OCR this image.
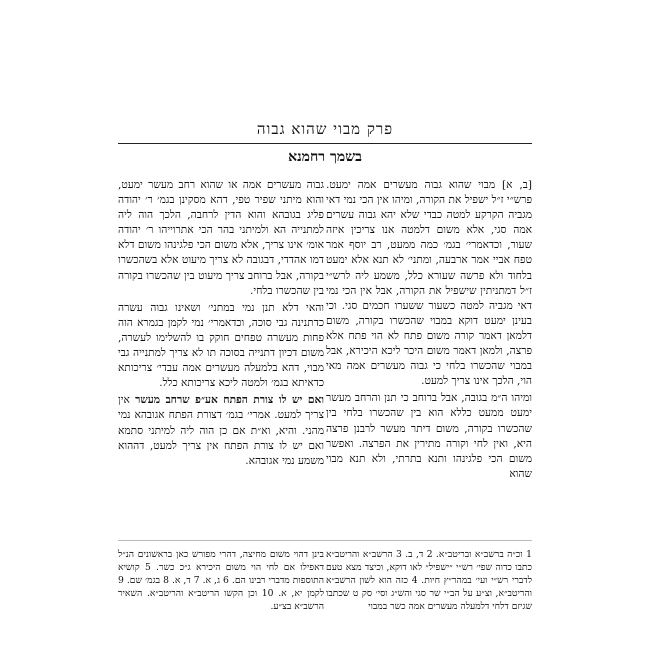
פרק מבוי שהוא גבוה
בשמך רחמנא

[ב, א] מבוי שהוא גבוה מעשרים אמה ימעט. פרש״י ז״ל ישפיל את הקורה, ומיהו אין הכי נמי דאי מגביה הקרקע למטה כבדי שלא יהא גבוה עשרים אמה סגי, אלא משום דלמטה אנו צריכין איזה שעור, וכדאמרי׳ בגמ׳ כמה ממעט, רב יוסף אמר טפח אביי אמר ארבעה, ומתני׳ לא תנא אלא ימעט בלחוד ולא פרשה שעורא כלל, משמע ליה לרש״י ז״ל דמתניתין שישפיל את הקורה, אבל אין הכי נמי דאי מגביה למטה כשעור ששערו חכמים סגי. וכי בעינן ימעט דוקא במבוי שהכשרו בקורה, משום דלמאן דאמר קורה משום פתח לא הוי פתח אלא פרצה, ולמאן דאמר משום היכר ליכא היכירא, אבל במבוי שהכשרו בלחי כי גבוה מעשרים אמה מאי הוי, הלכך אינו צריך למעט.

ומיהו ה״מ בגובה, אבל ברוחב כי תנן והרחב מעשר ימעט ממעט כללא הוא בין שהכשרו בלחי בין שהכשרו בקורה, משום דיתר מעשר לרבנן פרצה היא, ואין לחי וקורה מתירין את הפרצה. ואפשר משום הכי פלגינהו ותנא בתרתי, ולא תנא מבוי שהוא

גבוה מעשרים אמה או שהוא רחב מעשר ימעט, והוא מיתני שפיר טפי, דהא מסקינן בגמ׳ ר׳ יהודה פליג בגובהא והוא הדין לרחבה, הלכך הוה ליה למתנייה הא ולמיתני בהר הכי אתרוייהו ר׳ יהודה אומ׳ אינו צריך, אלא משום הכי פלגינהו משום דלא דמו אהדדי, דבגובה לא צריך מיעוט אלא בשהכשרו בקורה, אבל ברוחב צריך מיעוט בין שהכשרו בקורה בין שהכשרו בלחי.

והאי דלא תנן נמי במתני׳ ושאינו גבוה עשרה כדתנינה גבי סוכה, וכדאמרי׳ נמי לקמן בגמרא הוה פחות מעשרה טפחים חוקק בו להשלימו לעשרה, משום דכיון דתנייה בסוכה תו לא צריך למתנייה גבי מבוי, דהא בלמעלה מעשרים אמה עבדי׳ צריכותא כדאיתא בגמ׳ ולמטה ליכא צריכותא כלל.

ואם יש לו צורת הפתח אע״פ שרחב מעשר אין צריך למעט. אמרי׳ בגמ׳ דצורת הפתח אגובהא נמי מהני. והיא, וא״ת אם כן הוה ליה למיתני סתמא ואם יש לו צורת הפתח אין צריך למעט, דההוא משמע נמי אגובהא.

1 וכ״ה ברשב״א ובריטב״א. 2 ד, ב. 3 הרשב״א והריטב״א כתבו כדוה שפי׳ רש״י ״ישפיל״ לאו דוקא, וכיצד מצא טעם לדברי רש״י ועי׳ במהר״ץ חיות. 4 כזה הוא לשון הרשב״א והריטב״א, וצ״ע על הב״י שר סגי והש״ג וסי׳ סק ט שכתבו שגיזם דלחי דלמעלה מעשרים אמה כשר במבוי
בינן דהוי משום מחיצה, דהרי מפורש כאן בראשונים הנ״ל דאפילו אם לחי הוי משום היכירא ג״כ כשר. 5 קושיא התוספות מדברי רבינו הם. 6 ג, א. 7 ד, א. 8 בגמ׳ שם. 9 לקמן יא, א. 10 וכן הקשו הריטב״א והריטב״א. השאיר הרשב״א בצ״ע.
